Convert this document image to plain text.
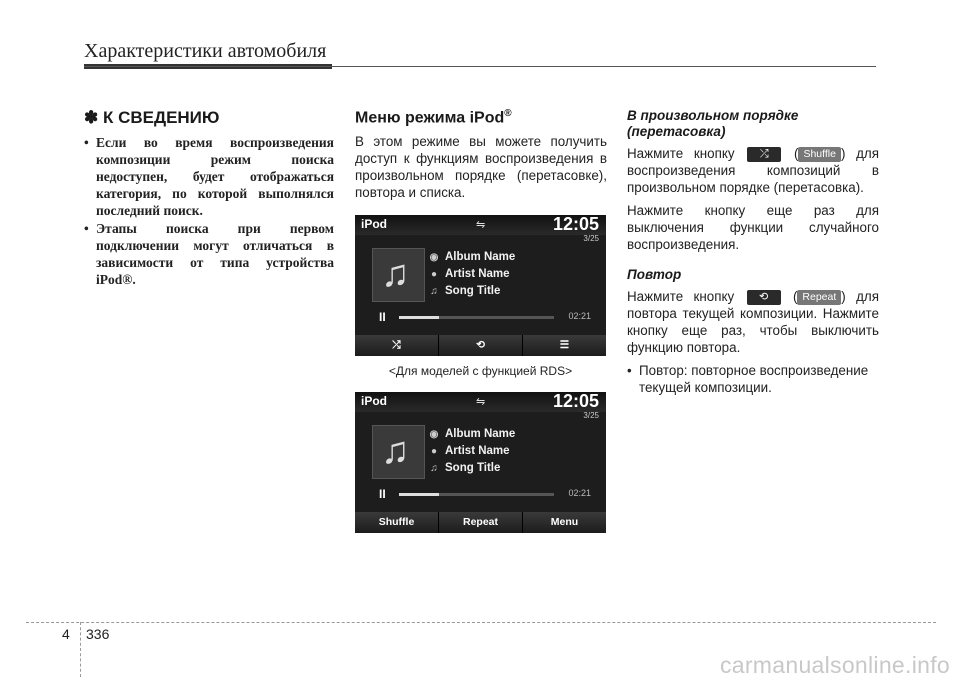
Характеристики автомобиля
✽ К СВЕДЕНИЮ
• Если во время воспроизведения композиции режим поиска недоступен, будет отображаться категория, по которой выполнялся последний поиск.
• Этапы поиска при первом подключении могут отличаться в зависимости от типа устройства iPod®.
Меню режима iPod®

В этом режиме вы можете получить доступ к функциям воспроизведения в произвольном порядке (перетасовке), повтора и списка.

iPod	⇋	12:05
3/25
♫ ◉ Album Name
● Artist Name
♫ Song Title
II	02:21
⤮	⟲	☰
<Для моделей с функцией RDS>
iPod	⇋	12:05
3/25
♫ ◉ Album Name
● Artist Name
♫ Song Title
II	02:21
Shuffle	Repeat	Menu
В произвольном порядке (перетасовка)

Нажмите кнопку ⤮ ( Shuffle ) для воспроизведения композиций в произвольном порядке (перетасовка).

Нажмите кнопку еще раз для выключения функции случайного воспроизведения.

Повтор

Нажмите кнопку ⟲ ( Repeat ) для повтора текущей композиции. Нажмите кнопку еще раз, чтобы выключить функцию повтора.

• Повтор: повторное воспроизведение текущей композиции.
4 336
carmanualsonline.info
